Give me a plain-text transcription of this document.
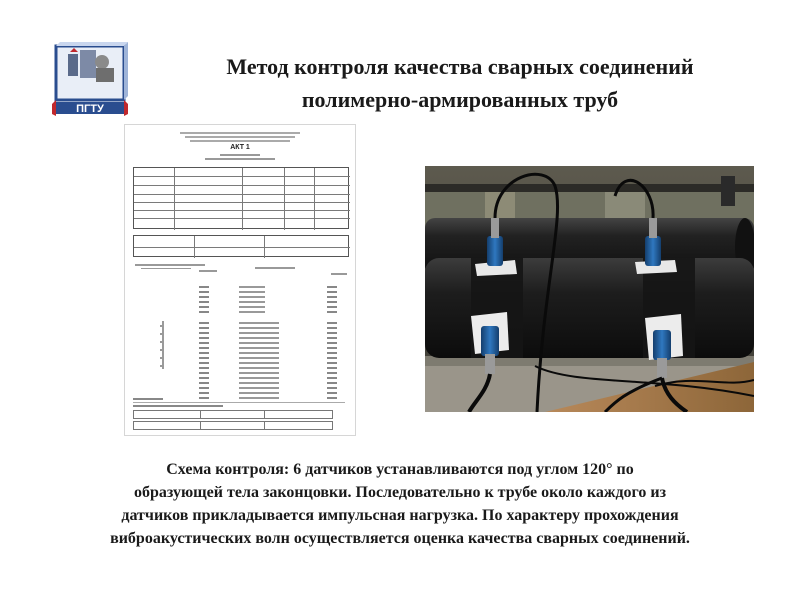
ПГТУ
Метод контроля качества сварных соединений
полимерно-армированных труб
АКТ 1
Схема контроля: 6 датчиков устанавливаются под углом 120° по
образующей тела законцовки. Последовательно к трубе около каждого из
датчиков прикладывается импульсная нагрузка. По характеру прохождения
виброакустических волн осуществляется оценка качества сварных соединений.
